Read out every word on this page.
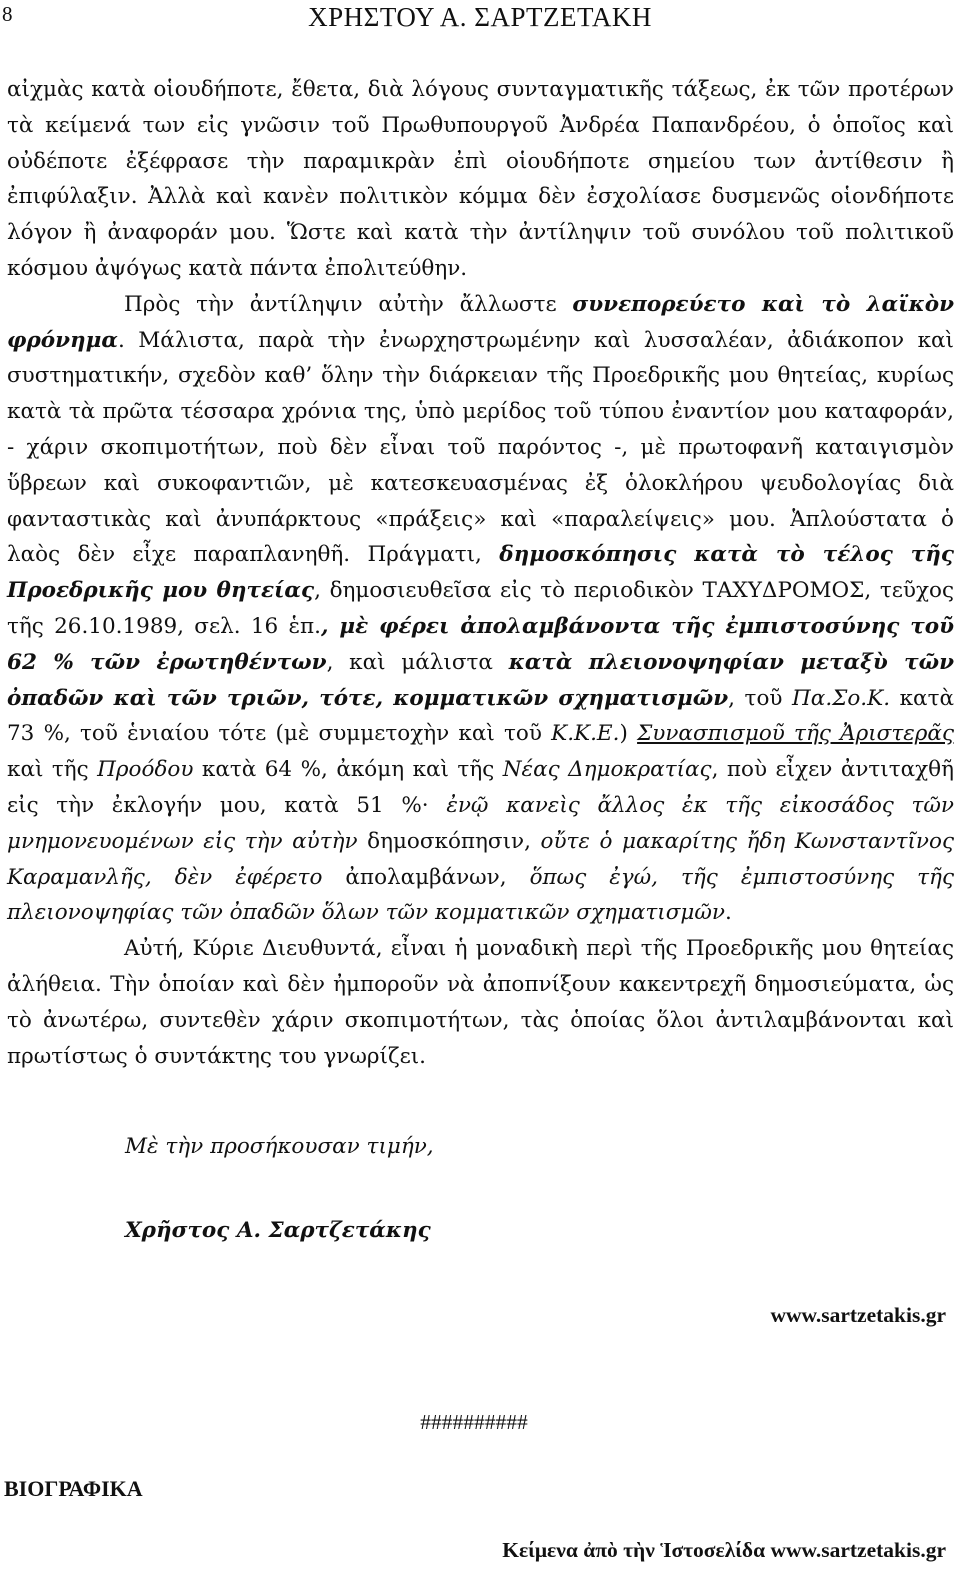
8	ΧΡΗΣΤΟΥ Α. ΣΑΡΤΖΕΤΑΚΗ

αἰχμὰς κατὰ οἱουδήποτε, ἔθετα, διὰ λόγους συνταγματικῆς τάξεως, ἐκ τῶν προτέρων τὰ κείμενά των εἰς γνῶσιν τοῦ Πρωθυπουργοῦ Ἀνδρέα Παπανδρέου, ὁ ὁποῖος καὶ οὐδέποτε ἐξέφρασε τὴν παραμικρὰν ἐπὶ οἱουδήποτε σημείου των ἀντίθεσιν ἢ ἐπιφύλαξιν. Ἀλλὰ καὶ κανὲν πολιτικὸν κόμμα δὲν ἐσχολίασε δυσμενῶς οἱονδήποτε λόγον ἢ ἀναφοράν μου. Ὥστε καὶ κατὰ τὴν ἀντίληψιν τοῦ συνόλου τοῦ πολιτικοῦ κόσμου ἀψόγως κατὰ πάντα ἐπολιτεύθην.

Πρὸς τὴν ἀντίληψιν αὐτὴν ἄλλωστε συνεπορεύετο καὶ τὸ λαϊκὸν φρόνημα. Μάλιστα, παρὰ τὴν ἐνωρχηστρωμένην καὶ λυσσαλέαν, ἀδιάκοπον καὶ συστηματικήν, σχεδὸν καθ’ ὅλην τὴν διάρκειαν τῆς Προεδρικῆς μου θητείας, κυρίως κατὰ τὰ πρῶτα τέσσαρα χρόνια της, ὑπὸ μερίδος τοῦ τύπου ἐναντίον μου καταφοράν, - χάριν σκοπιμοτήτων, ποὺ δὲν εἶναι τοῦ παρόντος -, μὲ πρωτοφανῆ καταιγισμὸν ὕβρεων καὶ συκοφαντιῶν, μὲ κατεσκευασμένας ἐξ ὁλοκλήρου ψευδολογίας διὰ φανταστικὰς καὶ ἀνυπάρκτους «πράξεις» καὶ «παραλείψεις» μου. Ἁπλούστατα ὁ λαὸς δὲν εἶχε παραπλανηθῆ. Πράγματι, δημοσκόπησις κατὰ τὸ τέλος τῆς Προεδρικῆς μου θητείας, δημοσιευθεῖσα εἰς τὸ περιοδικὸν ΤΑΧΥΔΡΟΜΟΣ, τεῦχος τῆς 26.10.1989, σελ. 16 ἑπ., μὲ φέρει ἀπολαμβάνοντα τῆς ἐμπιστοσύνης τοῦ 62 % τῶν ἐρωτηθέντων, καὶ μάλιστα κατὰ πλειονοψηφίαν μεταξὺ τῶν ὀπαδῶν καὶ τῶν τριῶν, τότε, κομματικῶν σχηματισμῶν, τοῦ Πα.Σο.Κ. κατὰ 73 %, τοῦ ἑνιαίου τότε (μὲ συμμετοχὴν καὶ τοῦ Κ.Κ.Ε.) Συνασπισμοῦ τῆς Ἀριστερᾶς καὶ τῆς Προόδου κατὰ 64 %, ἀκόμη καὶ τῆς Νέας Δημοκρατίας, ποὺ εἶχεν ἀντιταχθῆ εἰς τὴν ἐκλογήν μου, κατὰ 51 %· ἐνῷ κανεὶς ἄλλος ἐκ τῆς εἰκοσάδος τῶν μνημονευομένων εἰς τὴν αὐτὴν δημοσκόπησιν, οὔτε ὁ μακαρίτης ἤδη Κωνσταντῖνος Καραμανλῆς, δὲν ἐφέρετο ἀπολαμβάνων, ὅπως ἐγώ, τῆς ἐμπιστοσύνης τῆς πλειονοψηφίας τῶν ὀπαδῶν ὅλων τῶν κομματικῶν σχηματισμῶν.

Αὐτή, Κύριε Διευθυντά, εἶναι ἡ μοναδικὴ περὶ τῆς Προεδρικῆς μου θητείας ἀλήθεια. Τὴν ὁποίαν καὶ δὲν ἠμποροῦν νὰ ἀποπνίξουν κακεντρεχῆ δημοσιεύματα, ὡς τὸ ἀνωτέρω, συντεθὲν χάριν σκοπιμοτήτων, τὰς ὁποίας ὅλοι ἀντιλαμβάνονται καὶ πρωτίστως ὁ συντάκτης του γνωρίζει.

Μὲ τὴν προσήκουσαν τιμήν,
Χρῆστος Α. Σαρτζετάκης
www.sartzetakis.gr
##########
ΒΙΟΓΡΑΦΙΚΑ
Κείμενα ἀπὸ τὴν Ἱστοσελίδα www.sartzetakis.gr
